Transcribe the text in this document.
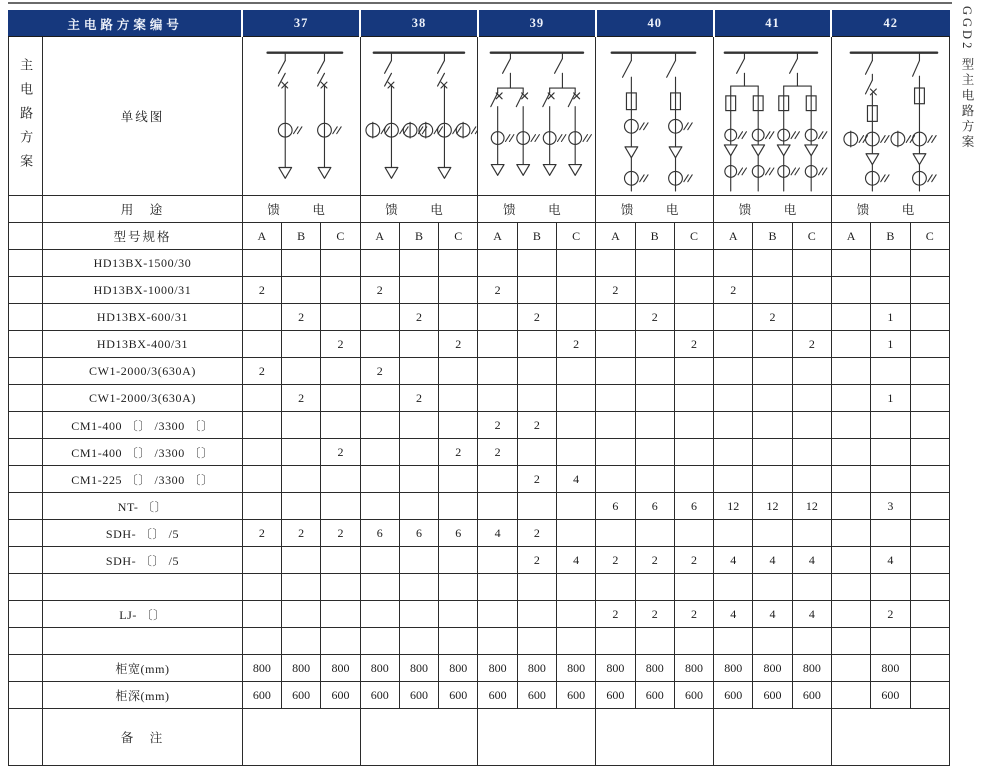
主电路方案编号		37			38			39			40			41			42		

主电路方案	单线图	

	用　途	馈　电			馈　电			馈　电			馈　电			馈　电			馈　电		
	型号规格	A	B	C	A	B	C	A	B	C	A	B	C	A	B	C	A	B	C
	HD13BX-1500/30																		
	HD13BX-1000/31	2			2			2			2			2					
	HD13BX-600/31		2			2			2			2			2			1	
	HD13BX-400/31			2			2			2			2			2		1	
	CW1-2000/3(630A)	2			2														
	CW1-2000/3(630A)		2			2												1	
	CM1-400 〔〕 /3300 〔〕							2	2										
	CM1-400 〔〕 /3300 〔〕			2			2	2											
	CM1-225 〔〕 /3300 〔〕								2	4									
	NT- 〔〕										6	6	6	12	12	12		3	
	SDH- 〔〕 /5	2	2	2	6	6	6	4	2										
	SDH- 〔〕 /5								2	4	2	2	2	4	4	4		4	

	LJ- 〔〕										2	2	2	4	4	4		2	

	柜宽(mm)	800	800	800	800	800	800	800	800	800	800	800	800	800	800	800		800	
	柜深(mm)	600	600	600	600	600	600	600	600	600	600	600	600	600	600	600		600	
	备　注																		
GGD2 型主电路方案
